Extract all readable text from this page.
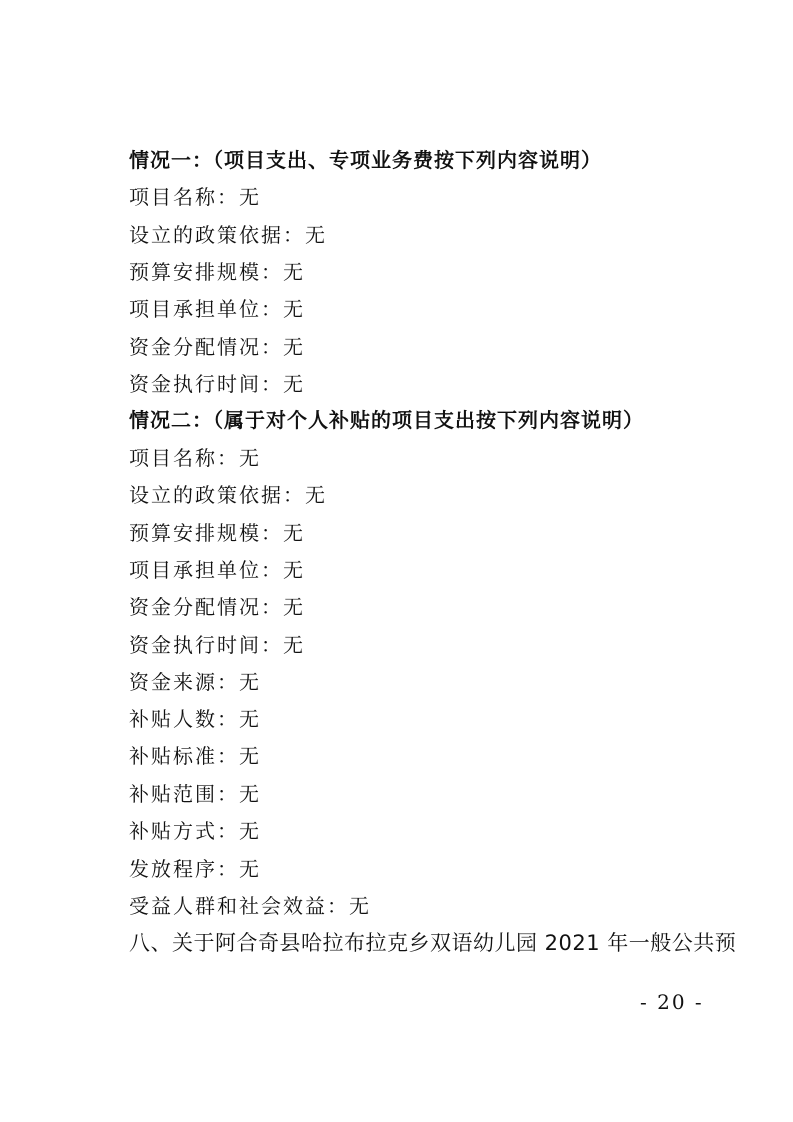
情况一：（项目支出、专项业务费按下列内容说明）
项目名称：无
设立的政策依据：无
预算安排规模：无
项目承担单位：无
资金分配情况：无
资金执行时间：无
情况二：（属于对个人补贴的项目支出按下列内容说明）
项目名称：无
设立的政策依据：无
预算安排规模：无
项目承担单位：无
资金分配情况：无
资金执行时间：无
资金来源：无
补贴人数：无
补贴标准：无
补贴范围：无
补贴方式：无
发放程序：无
受益人群和社会效益：无
八、关于阿合奇县哈拉布拉克乡双语幼儿园 2021 年一般公共预
- 20 -
